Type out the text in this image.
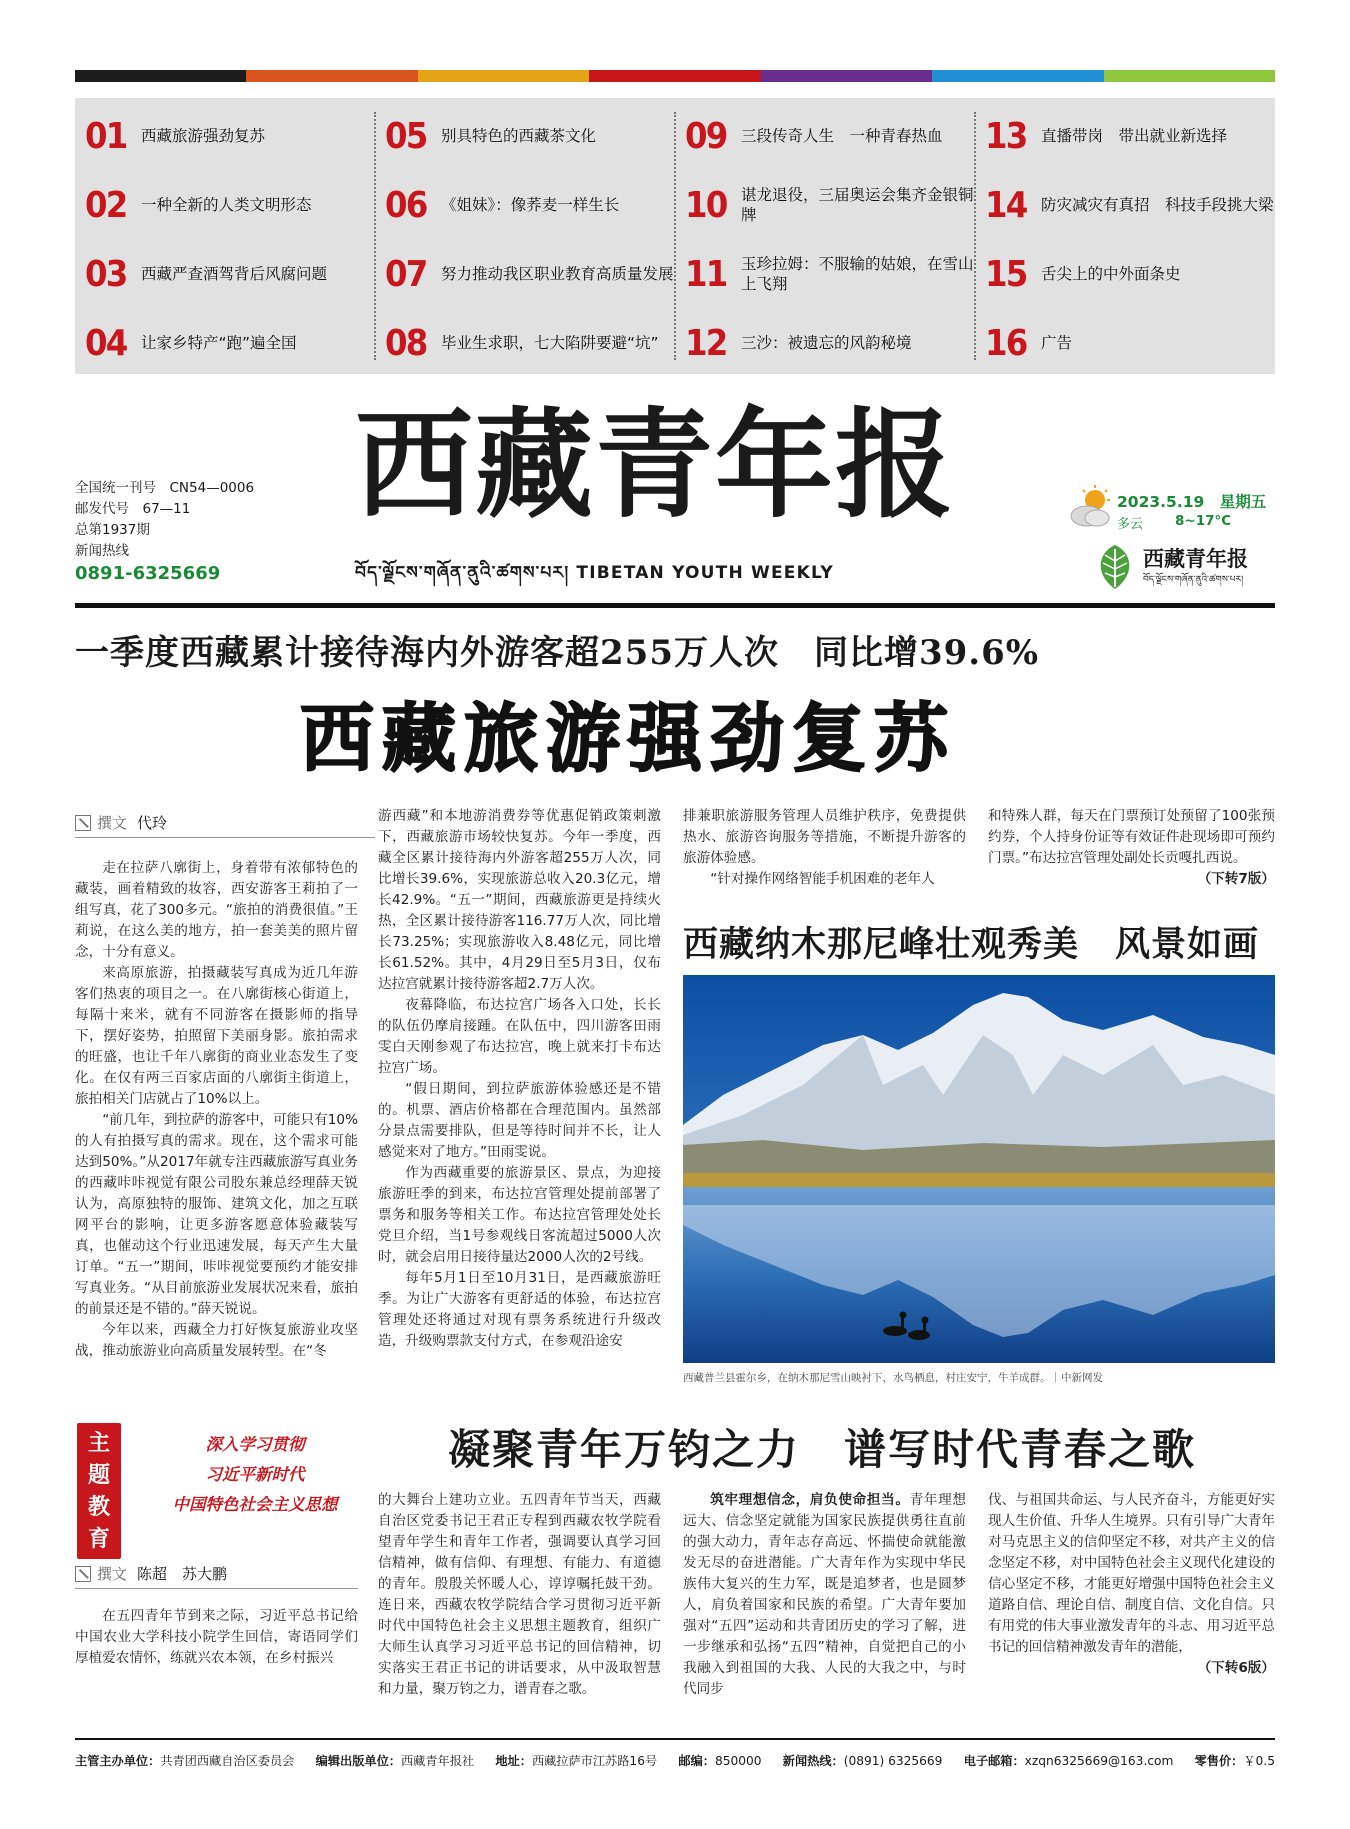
01 西藏旅游强劲复苏
02 一种全新的人类文明形态
03 西藏严查酒驾背后风腐问题
04 让家乡特产“跑”遍全国
05 别具特色的西藏茶文化
06 《姐妹》：像荞麦一样生长
07 努力推动我区职业教育高质量发展
08 毕业生求职，七大陷阱要避“坑”
09 三段传奇人生　一种青春热血
10 谌龙退役，三届奥运会集齐金银铜牌
11 玉珍拉姆：不服输的姑娘，在雪山上飞翔
12 三沙：被遗忘的风韵秘境
13 直播带岗　带出就业新选择
14 防灾减灾有真招　科技手段挑大梁
15 舌尖上的中外面条史
16 广告
全国统一刊号　CN54—0006
邮发代号　67—11
总第1937期
新闻热线
0891-6325669
西藏青年报
བོད་ལྗོངས་གཞོན་ནུའི་ཚགས་པར། TIBETAN YOUTH WEEKLY
2023.5.19　星期五
多云 8~17°C
西藏青年报
བོད་ལྗོངས་གཞོན་ནུའི་ཚགས་པར།
一季度西藏累计接待海内外游客超255万人次　同比增39.6%
西藏旅游强劲复苏
撰文 代玲

走在拉萨八廓街上，身着带有浓郁特色的藏装，画着精致的妆容，西安游客王莉拍了一组写真，花了300多元。“旅拍的消费很值。”王莉说，在这么美的地方，拍一套美美的照片留念，十分有意义。

来高原旅游，拍摄藏装写真成为近几年游客们热衷的项目之一。在八廓街核心街道上，每隔十来米，就有不同游客在摄影师的指导下，摆好姿势，拍照留下美丽身影。旅拍需求的旺盛，也让千年八廓街的商业业态发生了变化。在仅有两三百家店面的八廓街主街道上，旅拍相关门店就占了10%以上。

“前几年，到拉萨的游客中，可能只有10%的人有拍摄写真的需求。现在，这个需求可能达到50%。”从2017年就专注西藏旅游写真业务的西藏咔咔视觉有限公司股东兼总经理薛天锐认为，高原独特的服饰、建筑文化，加之互联网平台的影响，让更多游客愿意体验藏装写真，也催动这个行业迅速发展，每天产生大量订单。“五一”期间，咔咔视觉要预约才能安排写真业务。“从目前旅游业发展状况来看，旅拍的前景还是不错的。”薛天锐说。

今年以来，西藏全力打好恢复旅游业攻坚战，推动旅游业向高质量发展转型。在“冬

游西藏”和本地游消费券等优惠促销政策刺激下，西藏旅游市场较快复苏。今年一季度，西藏全区累计接待海内外游客超255万人次，同比增长39.6%，实现旅游总收入20.3亿元，增长42.9%。“五一”期间，西藏旅游更是持续火热，全区累计接待游客116.77万人次，同比增长73.25%；实现旅游收入8.48亿元，同比增长61.52%。其中，4月29日至5月3日，仅布达拉宫就累计接待游客超2.7万人次。

夜幕降临，布达拉宫广场各入口处，长长的队伍仍摩肩接踵。在队伍中，四川游客田雨雯白天刚参观了布达拉宫，晚上就来打卡布达拉宫广场。

“假日期间，到拉萨旅游体验感还是不错的。机票、酒店价格都在合理范围内。虽然部分景点需要排队，但是等待时间并不长，让人感觉来对了地方。”田雨雯说。

作为西藏重要的旅游景区、景点，为迎接旅游旺季的到来，布达拉宫管理处提前部署了票务和服务等相关工作。布达拉宫管理处处长党旦介绍，当1号参观线日客流超过5000人次时，就会启用日接待量达2000人次的2号线。

每年5月1日至10月31日，是西藏旅游旺季。为让广大游客有更舒适的体验，布达拉宫管理处还将通过对现有票务系统进行升级改造，升级购票款支付方式，在参观沿途安

排兼职旅游服务管理人员维护秩序，免费提供热水、旅游咨询服务等措施，不断提升游客的旅游体验感。

“针对操作网络智能手机困难的老年人

和特殊人群，每天在门票预订处预留了100张预约券，个人持身份证等有效证件赴现场即可预约门票。”布达拉宫管理处副处长贡嘎扎西说。

（下转7版）
西藏纳木那尼峰壮观秀美　风景如画
西藏普兰县霍尔乡，在纳木那尼雪山映衬下，水鸟栖息，村庄安宁，牛羊成群。｜中新网发
主
题
教
育
深入学习贯彻
习近平新时代
中国特色社会主义思想
凝聚青年万钧之力　谱写时代青春之歌
撰文 陈超　苏大鹏

在五四青年节到来之际，习近平总书记给中国农业大学科技小院学生回信，寄语同学们厚植爱农情怀，练就兴农本领，在乡村振兴

的大舞台上建功立业。五四青年节当天，西藏自治区党委书记王君正专程到西藏农牧学院看望青年学生和青年工作者，强调要认真学习回信精神，做有信仰、有理想、有能力、有道德的青年。殷殷关怀暖人心，谆谆嘱托鼓干劲。连日来，西藏农牧学院结合学习贯彻习近平新时代中国特色社会主义思想主题教育，组织广大师生认真学习习近平总书记的回信精神，切实落实王君正书记的讲话要求，从中汲取智慧和力量，聚万钧之力，谱青春之歌。

筑牢理想信念，肩负使命担当。青年理想远大、信念坚定就能为国家民族提供勇往直前的强大动力，青年志存高远、怀揣使命就能激发无尽的奋进潜能。广大青年作为实现中华民族伟大复兴的生力军，既是追梦者，也是圆梦人，肩负着国家和民族的希望。广大青年要加强对“五四”运动和共青团历史的学习了解，进一步继承和弘扬“五四”精神，自觉把自己的小我融入到祖国的大我、人民的大我之中，与时代同步

伐、与祖国共命运、与人民齐奋斗，方能更好实现人生价值、升华人生境界。只有引导广大青年对马克思主义的信仰坚定不移，对共产主义的信念坚定不移，对中国特色社会主义现代化建设的信心坚定不移，才能更好增强中国特色社会主义道路自信、理论自信、制度自信、文化自信。只有用党的伟大事业激发青年的斗志、用习近平总书记的回信精神激发青年的潜能，

（下转6版）
主管主办单位：共青团西藏自治区委员会 编辑出版单位：西藏青年报社 地址：西藏拉萨市江苏路16号 邮编：850000 新闻热线：(0891) 6325669 电子邮箱：xzqn6325669@163.com 零售价：￥0.5
